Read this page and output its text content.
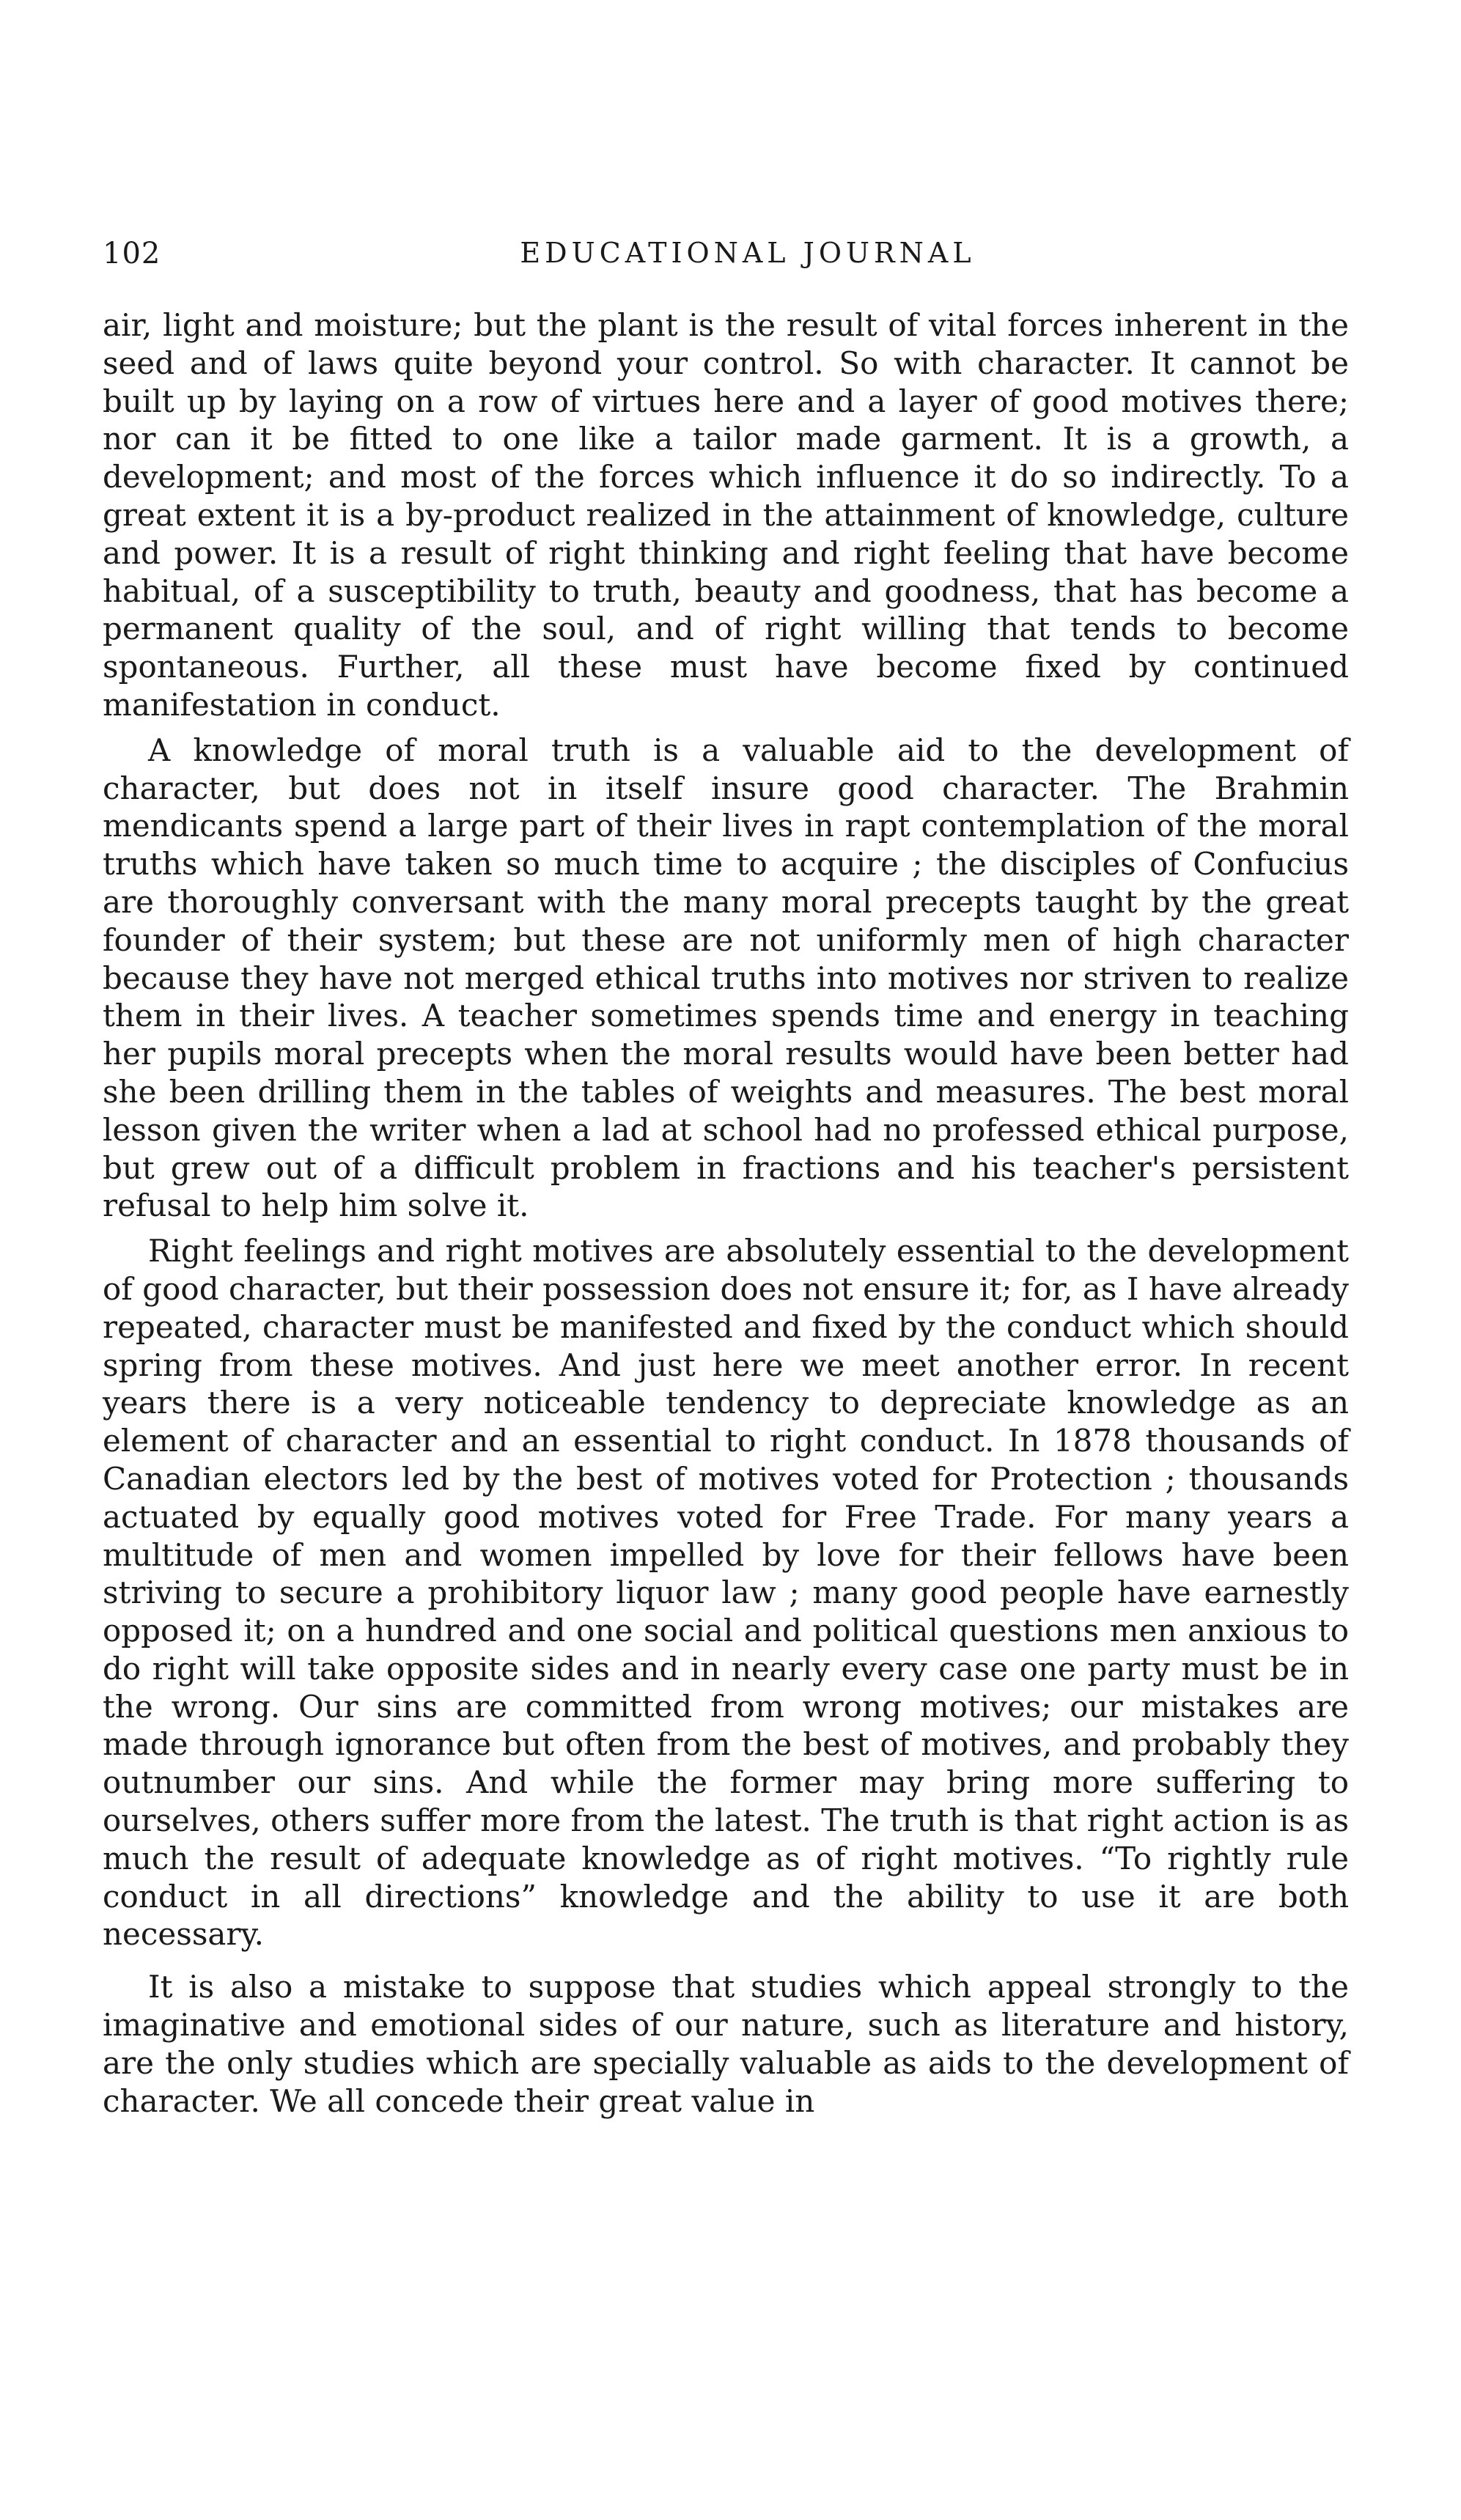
102	EDUCATIONAL JOURNAL

air, light and moisture; but the plant is the result of vital forces inherent in the seed and of laws quite beyond your control. So with character. It cannot be built up by laying on a row of virtues here and a layer of good motives there; nor can it be fitted to one like a tailor made garment. It is a growth, a development; and most of the forces which influence it do so indirectly. To a great extent it is a by-product realized in the attainment of knowledge, culture and power. It is a result of right thinking and right feeling that have become habitual, of a susceptibility to truth, beauty and goodness, that has become a permanent quality of the soul, and of right willing that tends to become spontaneous. Further, all these must have become fixed by continued manifestation in conduct.

A knowledge of moral truth is a valuable aid to the development of character, but does not in itself insure good character. The Brahmin mendicants spend a large part of their lives in rapt contemplation of the moral truths which have taken so much time to acquire ; the disciples of Confucius are thoroughly conversant with the many moral precepts taught by the great founder of their system; but these are not uniformly men of high character because they have not merged ethical truths into motives nor striven to realize them in their lives. A teacher sometimes spends time and energy in teaching her pupils moral precepts when the moral results would have been better had she been drilling them in the tables of weights and measures. The best moral lesson given the writer when a lad at school had no professed ethical purpose, but grew out of a difficult problem in fractions and his teacher's persistent refusal to help him solve it.

Right feelings and right motives are absolutely essential to the development of good character, but their possession does not ensure it; for, as I have already repeated, character must be manifested and fixed by the conduct which should spring from these motives. And just here we meet another error. In recent years there is a very noticeable tendency to depreciate knowledge as an element of character and an essential to right conduct. In 1878 thousands of Canadian electors led by the best of motives voted for Protection ; thousands actuated by equally good motives voted for Free Trade. For many years a multitude of men and women impelled by love for their fellows have been striving to secure a prohibitory liquor law ; many good people have earnestly opposed it; on a hundred and one social and political questions men anxious to do right will take opposite sides and in nearly every case one party must be in the wrong. Our sins are committed from wrong motives; our mistakes are made through ignorance but often from the best of motives, and probably they outnumber our sins. And while the former may bring more suffering to ourselves, others suffer more from the latest. The truth is that right action is as much the result of adequate knowledge as of right motives. “To rightly rule conduct in all directions” knowledge and the ability to use it are both necessary.

It is also a mistake to suppose that studies which appeal strongly to the imaginative and emotional sides of our nature, such as literature and history, are the only studies which are specially valuable as aids to the development of character. We all concede their great value in
